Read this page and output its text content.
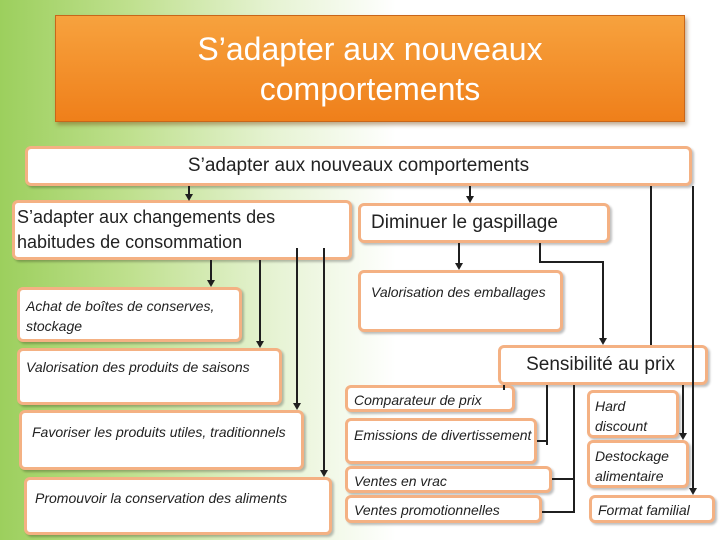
S’adapter aux nouveaux comportements
S’adapter aux nouveaux comportements
S’adapter aux changements des habitudes de consommation
Diminuer le gaspillage
Achat de boîtes de conserves, stockage
Valorisation des produits de saisons
Favoriser les produits utiles, traditionnels
Promouvoir la conservation des aliments
Valorisation des emballages
Sensibilité au prix
Comparateur de prix
Emissions de divertissement
Ventes en vrac
Ventes promotionnelles
Hard discount
Destockage alimentaire
Format familial
